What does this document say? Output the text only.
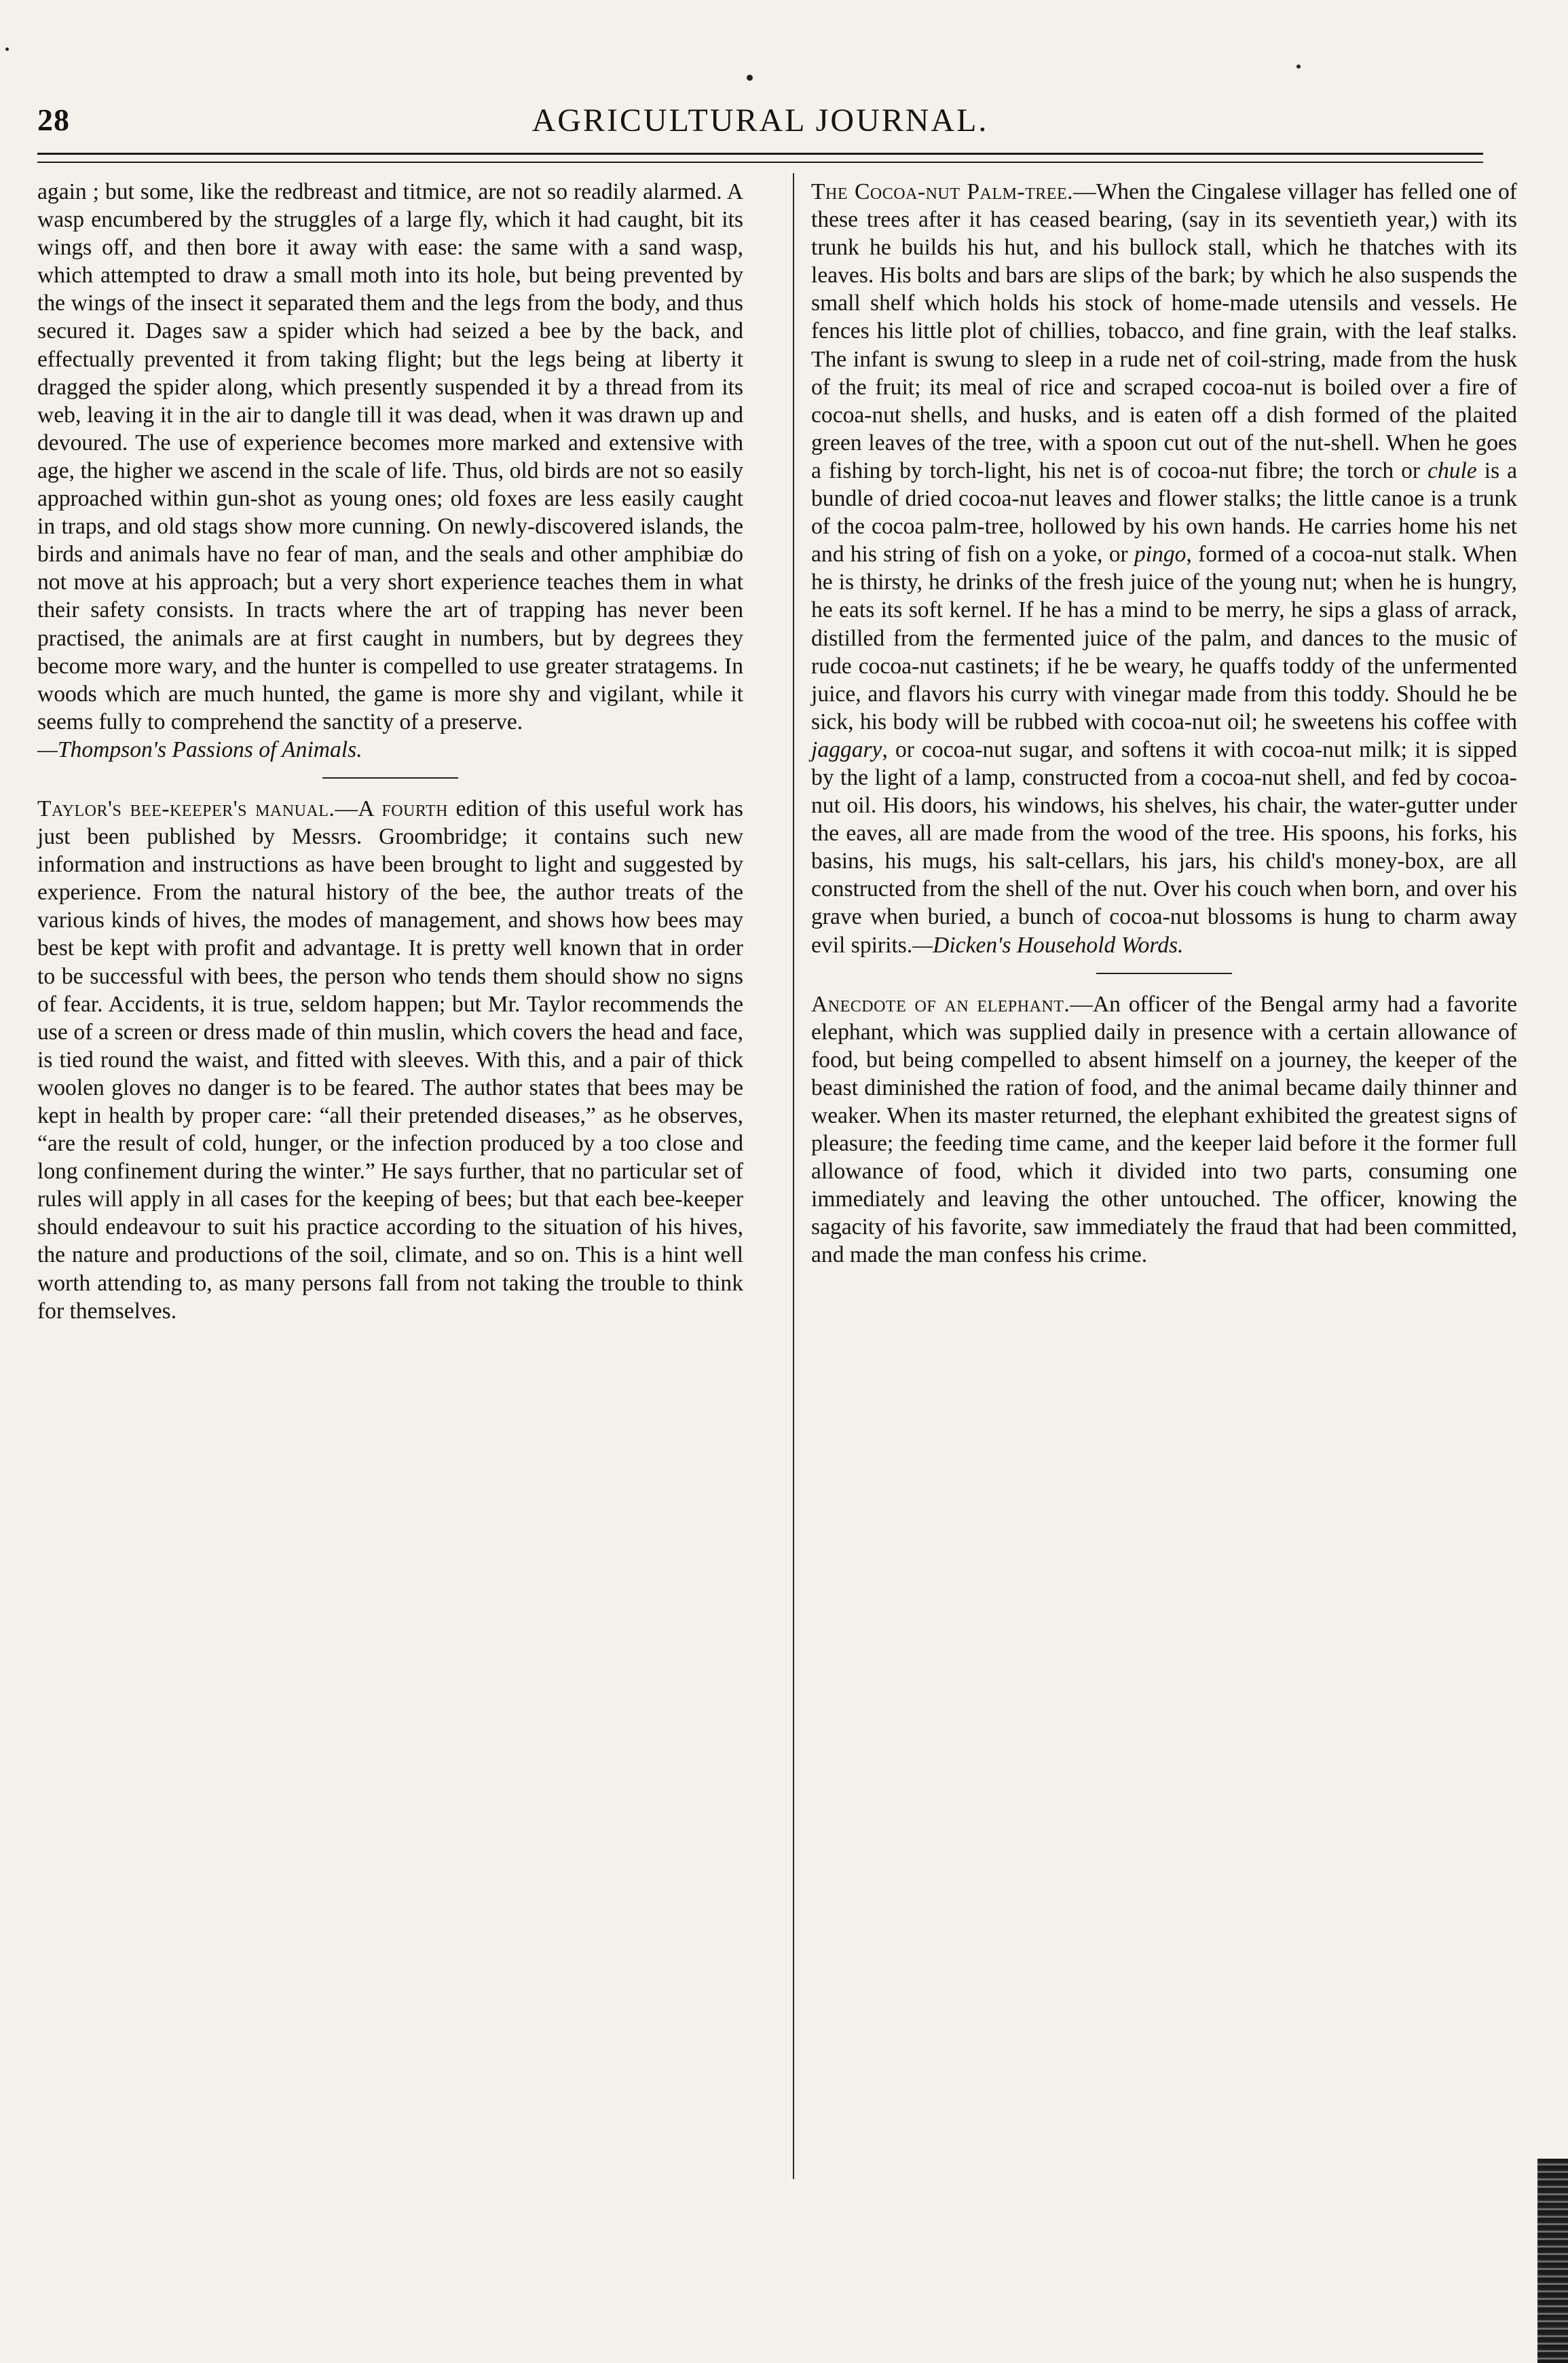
28	AGRICULTURAL JOURNAL.

again ; but some, like the redbreast and titmice, are not so readily alarmed. A wasp encumbered by the struggles of a large fly, which it had caught, bit its wings off, and then bore it away with ease: the same with a sand wasp, which attempted to draw a small moth into its hole, but being prevented by the wings of the insect it separated them and the legs from the body, and thus secured it. Dages saw a spider which had seized a bee by the back, and effectually prevented it from taking flight; but the legs being at liberty it dragged the spider along, which presently suspended it by a thread from its web, leaving it in the air to dangle till it was dead, when it was drawn up and devoured. The use of experience becomes more marked and extensive with age, the higher we ascend in the scale of life. Thus, old birds are not so easily approached within gun-shot as young ones; old foxes are less easily caught in traps, and old stags show more cunning. On newly-discovered islands, the birds and animals have no fear of man, and the seals and other amphibiæ do not move at his approach; but a very short experience teaches them in what their safety consists. In tracts where the art of trapping has never been practised, the animals are at first caught in numbers, but by degrees they become more wary, and the hunter is compelled to use greater stratagems. In woods which are much hunted, the game is more shy and vigilant, while it seems fully to comprehend the sanctity of a preserve.
—Thompson's Passions of Animals.

Taylor's bee-keeper's manual.—A fourth edition of this useful work has just been published by Messrs. Groombridge; it contains such new information and instructions as have been brought to light and suggested by experience. From the natural history of the bee, the author treats of the various kinds of hives, the modes of management, and shows how bees may best be kept with profit and advantage. It is pretty well known that in order to be successful with bees, the person who tends them should show no signs of fear. Accidents, it is true, seldom happen; but Mr. Taylor recommends the use of a screen or dress made of thin muslin, which covers the head and face, is tied round the waist, and fitted with sleeves. With this, and a pair of thick woolen gloves no danger is to be feared. The author states that bees may be kept in health by proper care: “all their pretended diseases,” as he observes, “are the result of cold, hunger, or the infection produced by a too close and long confinement during the winter.” He says further, that no particular set of rules will apply in all cases for the keeping of bees; but that each bee-keeper should endeavour to suit his practice according to the situation of his hives, the nature and productions of the soil, climate, and so on. This is a hint well worth attending to, as many persons fall from not taking the trouble to think for themselves.

The Cocoa-nut Palm-tree.—When the Cingalese villager has felled one of these trees after it has ceased bearing, (say in its seventieth year,) with its trunk he builds his hut, and his bullock stall, which he thatches with its leaves. His bolts and bars are slips of the bark; by which he also suspends the small shelf which holds his stock of home-made utensils and vessels. He fences his little plot of chillies, tobacco, and fine grain, with the leaf stalks. The infant is swung to sleep in a rude net of coil-string, made from the husk of the fruit; its meal of rice and scraped cocoa-nut is boiled over a fire of cocoa-nut shells, and husks, and is eaten off a dish formed of the plaited green leaves of the tree, with a spoon cut out of the nut-shell. When he goes a fishing by torch-light, his net is of cocoa-nut fibre; the torch or chule is a bundle of dried cocoa-nut leaves and flower stalks; the little canoe is a trunk of the cocoa palm-tree, hollowed by his own hands. He carries home his net and his string of fish on a yoke, or pingo, formed of a cocoa-nut stalk. When he is thirsty, he drinks of the fresh juice of the young nut; when he is hungry, he eats its soft kernel. If he has a mind to be merry, he sips a glass of arrack, distilled from the fermented juice of the palm, and dances to the music of rude cocoa-nut castinets; if he be weary, he quaffs toddy of the unfermented juice, and flavors his curry with vinegar made from this toddy. Should he be sick, his body will be rubbed with cocoa-nut oil; he sweetens his coffee with jaggary, or cocoa-nut sugar, and softens it with cocoa-nut milk; it is sipped by the light of a lamp, constructed from a cocoa-nut shell, and fed by cocoa-nut oil. His doors, his windows, his shelves, his chair, the water-gutter under the eaves, all are made from the wood of the tree. His spoons, his forks, his basins, his mugs, his salt-cellars, his jars, his child's money-box, are all constructed from the shell of the nut. Over his couch when born, and over his grave when buried, a bunch of cocoa-nut blossoms is hung to charm away evil spirits.—Dicken's Household Words.

Anecdote of an elephant.—An officer of the Bengal army had a favorite elephant, which was supplied daily in presence with a certain allowance of food, but being compelled to absent himself on a journey, the keeper of the beast diminished the ration of food, and the animal became daily thinner and weaker. When its master returned, the elephant exhibited the greatest signs of pleasure; the feeding time came, and the keeper laid before it the former full allowance of food, which it divided into two parts, consuming one immediately and leaving the other untouched. The officer, knowing the sagacity of his favorite, saw immediately the fraud that had been committed, and made the man confess his crime.
